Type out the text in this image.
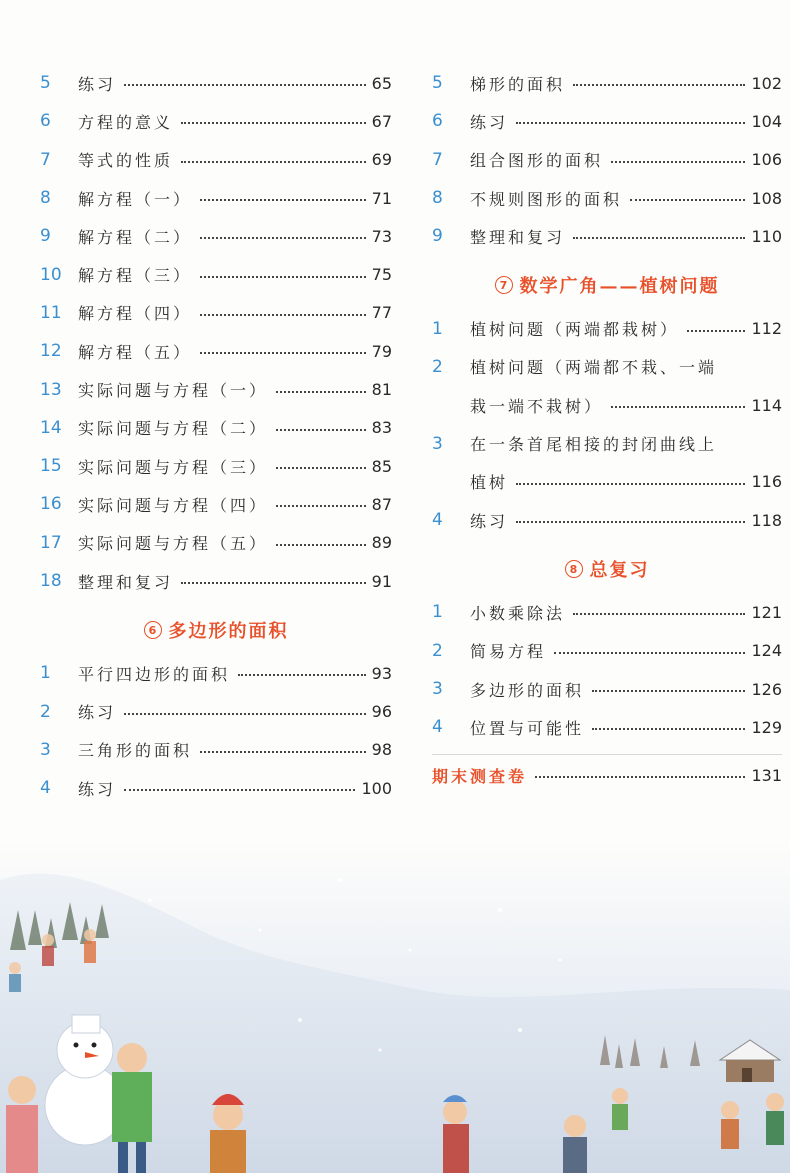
5	练习	65
6	方程的意义	67
7	等式的性质	69
8	解方程（一）	71
9	解方程（二）	73
10	解方程（三）	75
11	解方程（四）	77
12	解方程（五）	79
13	实际问题与方程（一）	81
14	实际问题与方程（二）	83
15	实际问题与方程（三）	85
16	实际问题与方程（四）	87
17	实际问题与方程（五）	89
18	整理和复习	91
6 多边形的面积
1	平行四边形的面积	93
2	练习	96
3	三角形的面积	98
4	练习	100
5	梯形的面积	102
6	练习	104
7	组合图形的面积	106
8	不规则图形的面积	108
9	整理和复习	110
7 数学广角——植树问题
1	植树问题（两端都栽树）	112
2	植树问题（两端都不栽、一端
栽一端不栽树）	114
3	在一条首尾相接的封闭曲线上
植树	116
4	练习	118
8 总复习
1	小数乘除法	121
2	简易方程	124
3	多边形的面积	126
4	位置与可能性	129
期末测查卷	131
